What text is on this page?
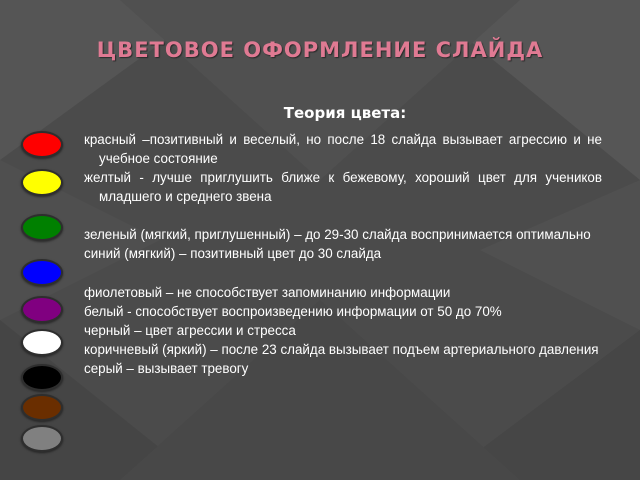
ЦВЕТОВОЕ ОФОРМЛЕНИЕ СЛАЙДА
Теория цвета:

красный –позитивный и веселый, но после 18 слайда вызывает агрессию и не учебное состояние

желтый - лучше приглушить ближе к бежевому, хороший цвет для учеников младшего и среднего звена

зеленый (мягкий, приглушенный) – до 29-30 слайда воспринимается оптимально

синий (мягкий) – позитивный цвет до 30 слайда

фиолетовый – не способствует запоминанию информации

белый - способствует воспроизведению информации от 50 до 70%

черный – цвет агрессии и стресса

коричневый (яркий) – после 23 слайда вызывает подъем артериального давления

серый – вызывает тревогу
